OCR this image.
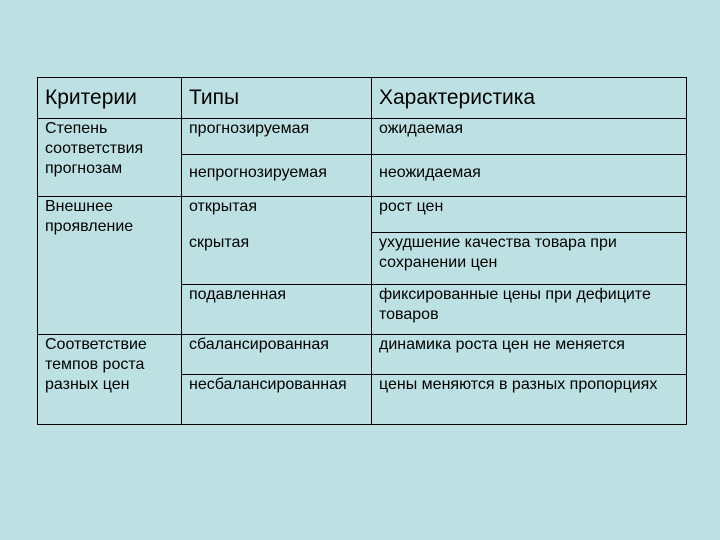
Критерии	Типы	Характеристика
Степень соответствия прогнозам	прогнозируемая	ожидаемая
	непрогнозируемая	неожидаемая
Внешнее проявление	открытая	рост цен
	скрытая	ухудшение качества товара при сохранении цен
	подавленная	фиксированные цены при дефиците товаров
Соответствие темпов роста разных цен	сбалансированная	динамика роста цен не меняется
	несбалансированная	цены меняются в разных пропорциях
